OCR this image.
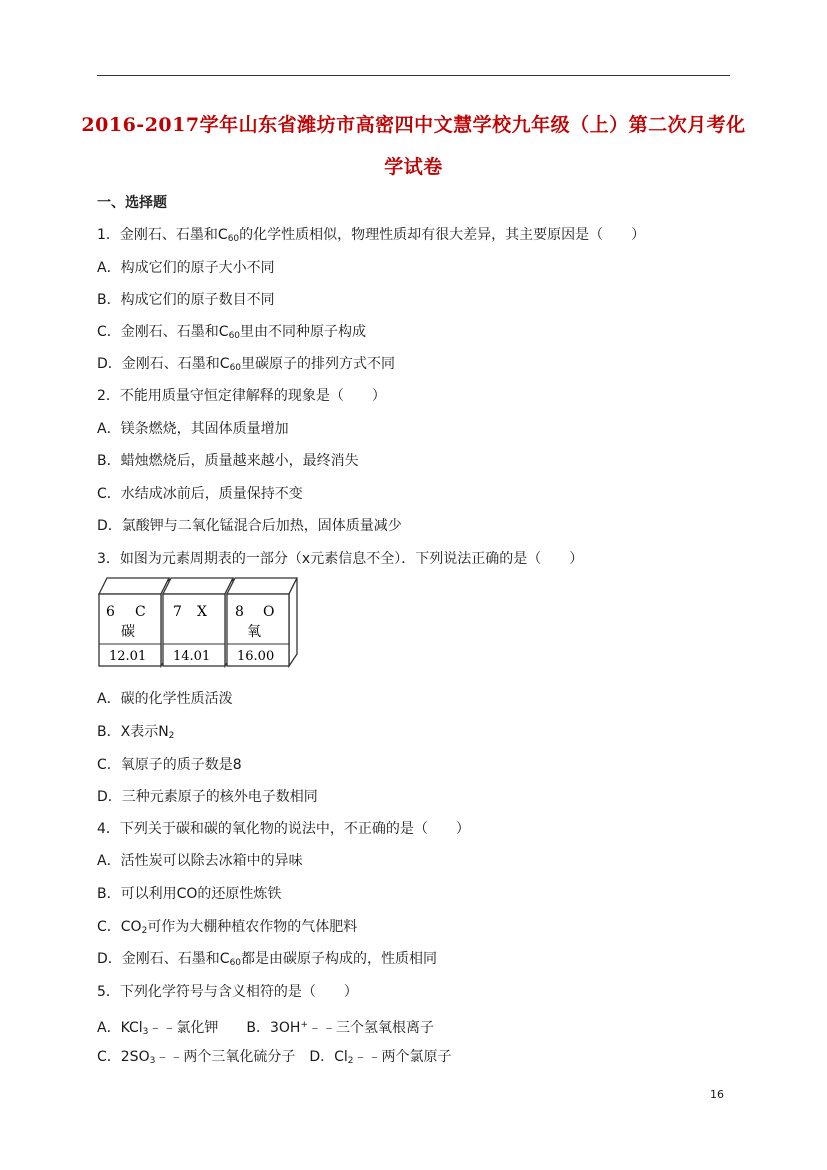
2016-2017学年山东省潍坊市高密四中文慧学校九年级（上）第二次月考化
学试卷
一、选择题
1．金刚石、石墨和$C_{60}$的化学性质相似，物理性质却有很大差异，其主要原因是（　　）
A．构成它们的原子大小不同
B．构成它们的原子数目不同
C．金刚石、石墨和$C_{60}$里由不同种原子构成
D．金刚石、石墨和$C_{60}$里碳原子的排列方式不同
2．不能用质量守恒定律解释的现象是（　　）
A．镁条燃烧，其固体质量增加
B．蜡烛燃烧后，质量越来越小，最终消失
C．水结成冰前后，质量保持不变
D．氯酸钾与二氧化锰混合后加热，固体质量减少
3．如图为元素周期表的一部分（x元素信息不全）．下列说法正确的是（　　）
6 C
碳
12.01
7 X
14.01
8 O
氧
16.00
A．碳的化学性质活泼
B．X表示$N_2$
C．氧原子的质子数是8
D．三种元素原子的核外电子数相同
4．下列关于碳和碳的氧化物的说法中，不正确的是（　　）
A．活性炭可以除去冰箱中的异味
B．可以利用CO的还原性炼铁
C．$CO_2$可作为大棚种植农作物的气体肥料
D．金刚石、石墨和$C_{60}$都是由碳原子构成的，性质相同
5．下列化学符号与含义相符的是（　　）
A．KCl$_3$﹣﹣氯化钾　　B．3OH+﹣﹣三个氢氧根离子
C．$2SO_3﹣﹣$两个三氧化硫分子　D．$Cl_2﹣﹣$两个氯原子
16
